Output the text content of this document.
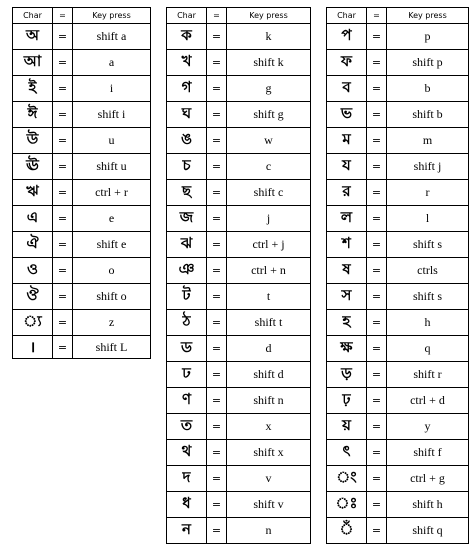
Char	=	Key press
অ	=	shift a
আ	=	a
ই	=	i
ঈ	=	shift i
উ	=	u
ঊ	=	shift u
ঋ	=	ctrl + r
এ	=	e
ঐ	=	shift e
ও	=	o
ঔ	=	shift o
্য	=	z
।	=	shift L
Char	=	Key press
ক	=	k
খ	=	shift k
গ	=	g
ঘ	=	shift g
ঙ	=	w
চ	=	c
ছ	=	shift c
জ	=	j
ঝ	=	ctrl + j
ঞ	=	ctrl + n
ট	=	t
ঠ	=	shift t
ড	=	d
ঢ	=	shift d
ণ	=	shift n
ত	=	x
থ	=	shift x
দ	=	v
ধ	=	shift v
ন	=	n
Char	=	Key press
প	=	p
ফ	=	shift p
ব	=	b
ভ	=	shift b
ম	=	m
য	=	shift j
র	=	r
ল	=	l
শ	=	shift s
ষ	=	ctrls
স	=	shift s
হ	=	h
ক্ষ	=	q
ড়	=	shift r
ঢ়	=	ctrl + d
য়	=	y
ৎ	=	shift f
ং	=	ctrl + g
ঃ	=	shift h
ঁ	=	shift q
